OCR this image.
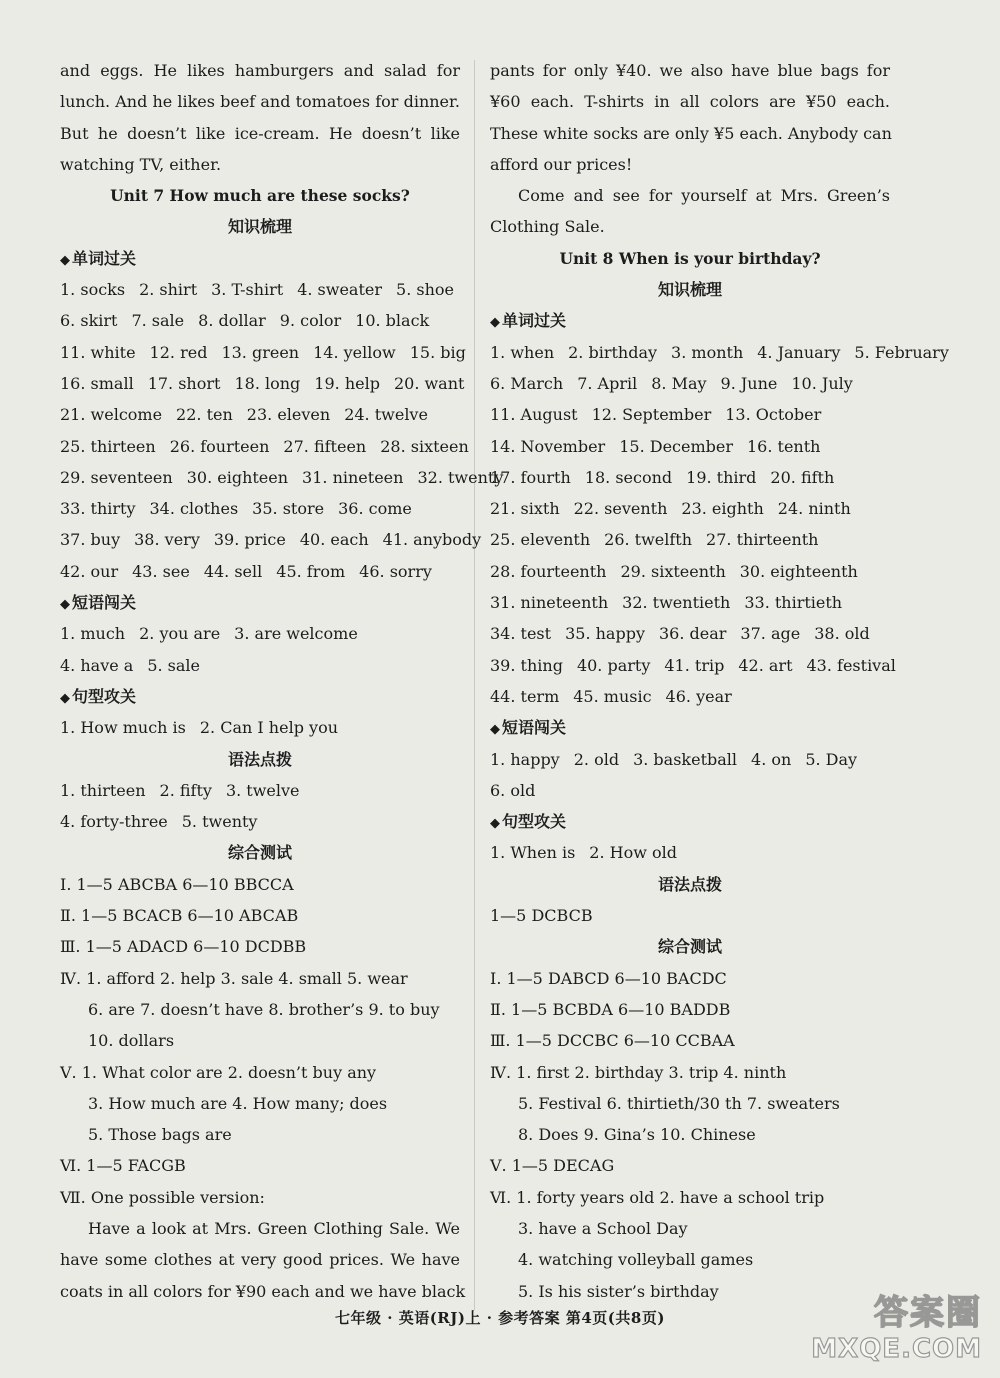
and eggs. He likes hamburgers and salad for
lunch. And he likes beef and tomatoes for dinner.
But he doesn’t like ice-cream. He doesn’t like
watching TV, either.
Unit 7 How much are these socks?
知识梳理
◆ 单词过关
1. socks 2. shirt 3. T-shirt 4. sweater 5. shoe
6. skirt 7. sale 8. dollar 9. color 10. black
11. white 12. red 13. green 14. yellow 15. big
16. small 17. short 18. long 19. help 20. want
21. welcome 22. ten 23. eleven 24. twelve
25. thirteen 26. fourteen 27. fifteen 28. sixteen
29. seventeen 30. eighteen 31. nineteen 32. twenty
33. thirty 34. clothes 35. store 36. come
37. buy 38. very 39. price 40. each 41. anybody
42. our 43. see 44. sell 45. from 46. sorry
◆ 短语闯关
1. much 2. you are 3. are welcome
4. have a 5. sale
◆ 句型攻关
1. How much is 2. Can I help you
语法点拨
1. thirteen 2. fifty 3. twelve
4. forty-three 5. twenty
综合测试
Ⅰ. 1—5 ABCBA 6—10 BBCCA
Ⅱ. 1—5 BCACB 6—10 ABCAB
Ⅲ. 1—5 ADACD 6—10 DCDBB
Ⅳ. 1. afford 2. help 3. sale 4. small 5. wear
6. are 7. doesn’t have 8. brother’s 9. to buy
10. dollars
Ⅴ. 1. What color are 2. doesn’t buy any
3. How much are 4. How many; does
5. Those bags are
Ⅵ. 1—5 FACGB
Ⅶ. One possible version:
Have a look at Mrs. Green Clothing Sale. We
have some clothes at very good prices. We have
coats in all colors for ¥90 each and we have black
pants for only ¥40. we also have blue bags for
¥60 each. T-shirts in all colors are ¥50 each.
These white socks are only ¥5 each. Anybody can
afford our prices!
Come and see for yourself at Mrs. Green’s
Clothing Sale.
Unit 8 When is your birthday?
知识梳理
◆ 单词过关
1. when 2. birthday 3. month 4. January 5. February
6. March 7. April 8. May 9. June 10. July
11. August 12. September 13. October
14. November 15. December 16. tenth
17. fourth 18. second 19. third 20. fifth
21. sixth 22. seventh 23. eighth 24. ninth
25. eleventh 26. twelfth 27. thirteenth
28. fourteenth 29. sixteenth 30. eighteenth
31. nineteenth 32. twentieth 33. thirtieth
34. test 35. happy 36. dear 37. age 38. old
39. thing 40. party 41. trip 42. art 43. festival
44. term 45. music 46. year
◆ 短语闯关
1. happy 2. old 3. basketball 4. on 5. Day
6. old
◆ 句型攻关
1. When is 2. How old
语法点拨
1—5 DCBCB
综合测试
Ⅰ. 1—5 DABCD 6—10 BACDC
Ⅱ. 1—5 BCBDA 6—10 BADDB
Ⅲ. 1—5 DCCBC 6—10 CCBAA
Ⅳ. 1. first 2. birthday 3. trip 4. ninth
5. Festival 6. thirtieth/30 th 7. sweaters
8. Does 9. Gina’s 10. Chinese
Ⅴ. 1—5 DECAG
Ⅵ. 1. forty years old 2. have a school trip
3. have a School Day
4. watching volleyball games
5. Is his sister’s birthday
七年级 · 英语(RJ)上 · 参考答案 第4页(共8页)	答案圈
MXQE.COM
